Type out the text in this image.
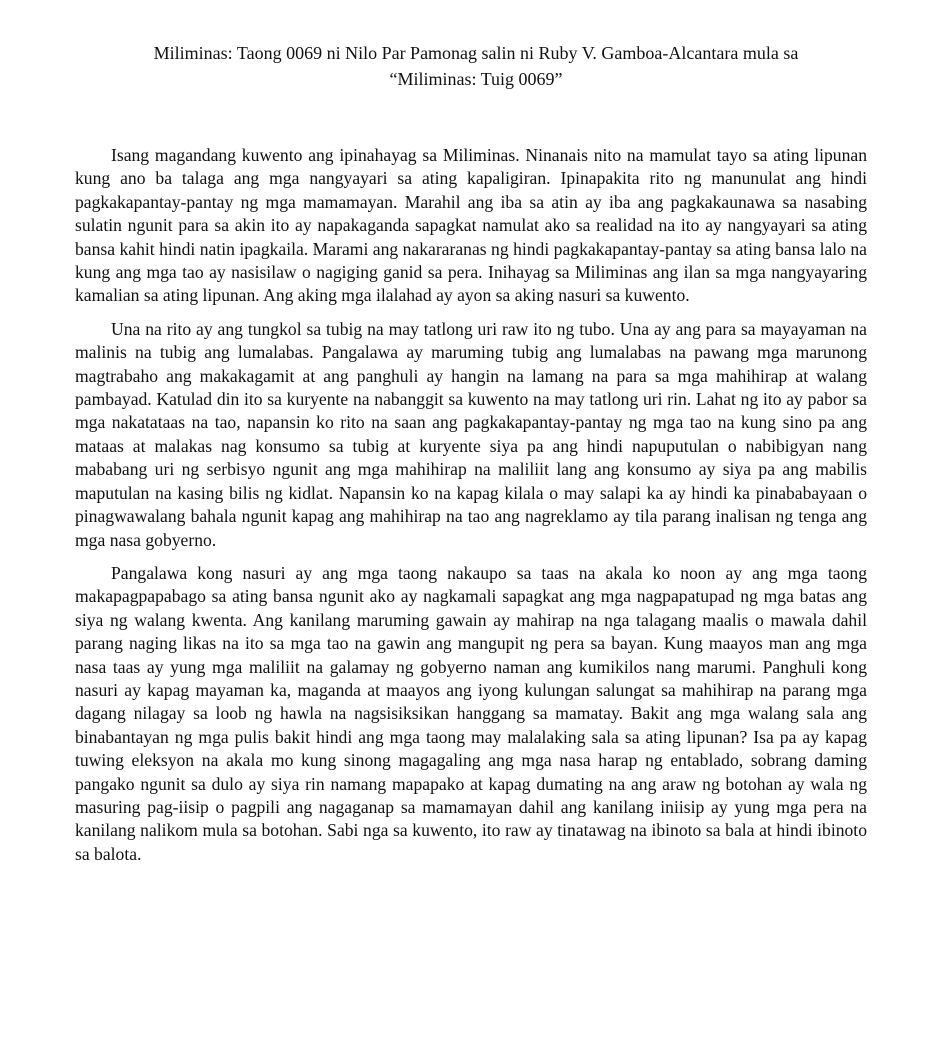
Miliminas: Taong 0069 ni Nilo Par Pamonag salin ni Ruby V. Gamboa-Alcantara mula sa
“Miliminas: Tuig 0069”

Isang magandang kuwento ang ipinahayag sa Miliminas. Ninanais nito na mamulat tayo sa ating lipunan kung ano ba talaga ang mga nangyayari sa ating kapaligiran. Ipinapakita rito ng manunulat ang hindi pagkakapantay-pantay ng mga mamamayan. Marahil ang iba sa atin ay iba ang pagkakaunawa sa nasabing sulatin ngunit para sa akin ito ay napakaganda sapagkat namulat ako sa realidad na ito ay nangyayari sa ating bansa kahit hindi natin ipagkaila. Marami ang nakararanas ng hindi pagkakapantay-pantay sa ating bansa lalo na kung ang mga tao ay nasisilaw o nagiging ganid sa pera. Inihayag sa Miliminas ang ilan sa mga nangyayaring kamalian sa ating lipunan. Ang aking mga ilalahad ay ayon sa aking nasuri sa kuwento.

Una na rito ay ang tungkol sa tubig na may tatlong uri raw ito ng tubo. Una ay ang para sa mayayaman na malinis na tubig ang lumalabas. Pangalawa ay maruming tubig ang lumalabas na pawang mga marunong magtrabaho ang makakagamit at ang panghuli ay hangin na lamang na para sa mga mahihirap at walang pambayad. Katulad din ito sa kuryente na nabanggit sa kuwento na may tatlong uri rin. Lahat ng ito ay pabor sa mga nakatataas na tao, napansin ko rito na saan ang pagkakapantay-pantay ng mga tao na kung sino pa ang mataas at malakas nag konsumo sa tubig at kuryente siya pa ang hindi napuputulan o nabibigyan nang mababang uri ng serbisyo ngunit ang mga mahihirap na maliliit lang ang konsumo ay siya pa ang mabilis maputulan na kasing bilis ng kidlat. Napansin ko na kapag kilala o may salapi ka ay hindi ka pinababayaan o pinagwawalang bahala ngunit kapag ang mahihirap na tao ang nagreklamo ay tila parang inalisan ng tenga ang mga nasa gobyerno.

Pangalawa kong nasuri ay ang mga taong nakaupo sa taas na akala ko noon ay ang mga taong makapagpapabago sa ating bansa ngunit ako ay nagkamali sapagkat ang mga nagpapatupad ng mga batas ang siya ng walang kwenta. Ang kanilang maruming gawain ay mahirap na nga talagang maalis o mawala dahil parang naging likas na ito sa mga tao na gawin ang mangupit ng pera sa bayan. Kung maayos man ang mga nasa taas ay yung mga maliliit na galamay ng gobyerno naman ang kumikilos nang marumi. Panghuli kong nasuri ay kapag mayaman ka, maganda at maayos ang iyong kulungan salungat sa mahihirap na parang mga dagang nilagay sa loob ng hawla na nagsisiksikan hanggang sa mamatay. Bakit ang mga walang sala ang binabantayan ng mga pulis bakit hindi ang mga taong may malalaking sala sa ating lipunan? Isa pa ay kapag tuwing eleksyon na akala mo kung sinong magagaling ang mga nasa harap ng entablado, sobrang daming pangako ngunit sa dulo ay siya rin namang mapapako at kapag dumating na ang araw ng botohan ay wala ng masuring pag-iisip o pagpili ang nagaganap sa mamamayan dahil ang kanilang iniisip ay yung mga pera na kanilang nalikom mula sa botohan. Sabi nga sa kuwento, ito raw ay tinatawag na ibinoto sa bala at hindi ibinoto sa balota.
